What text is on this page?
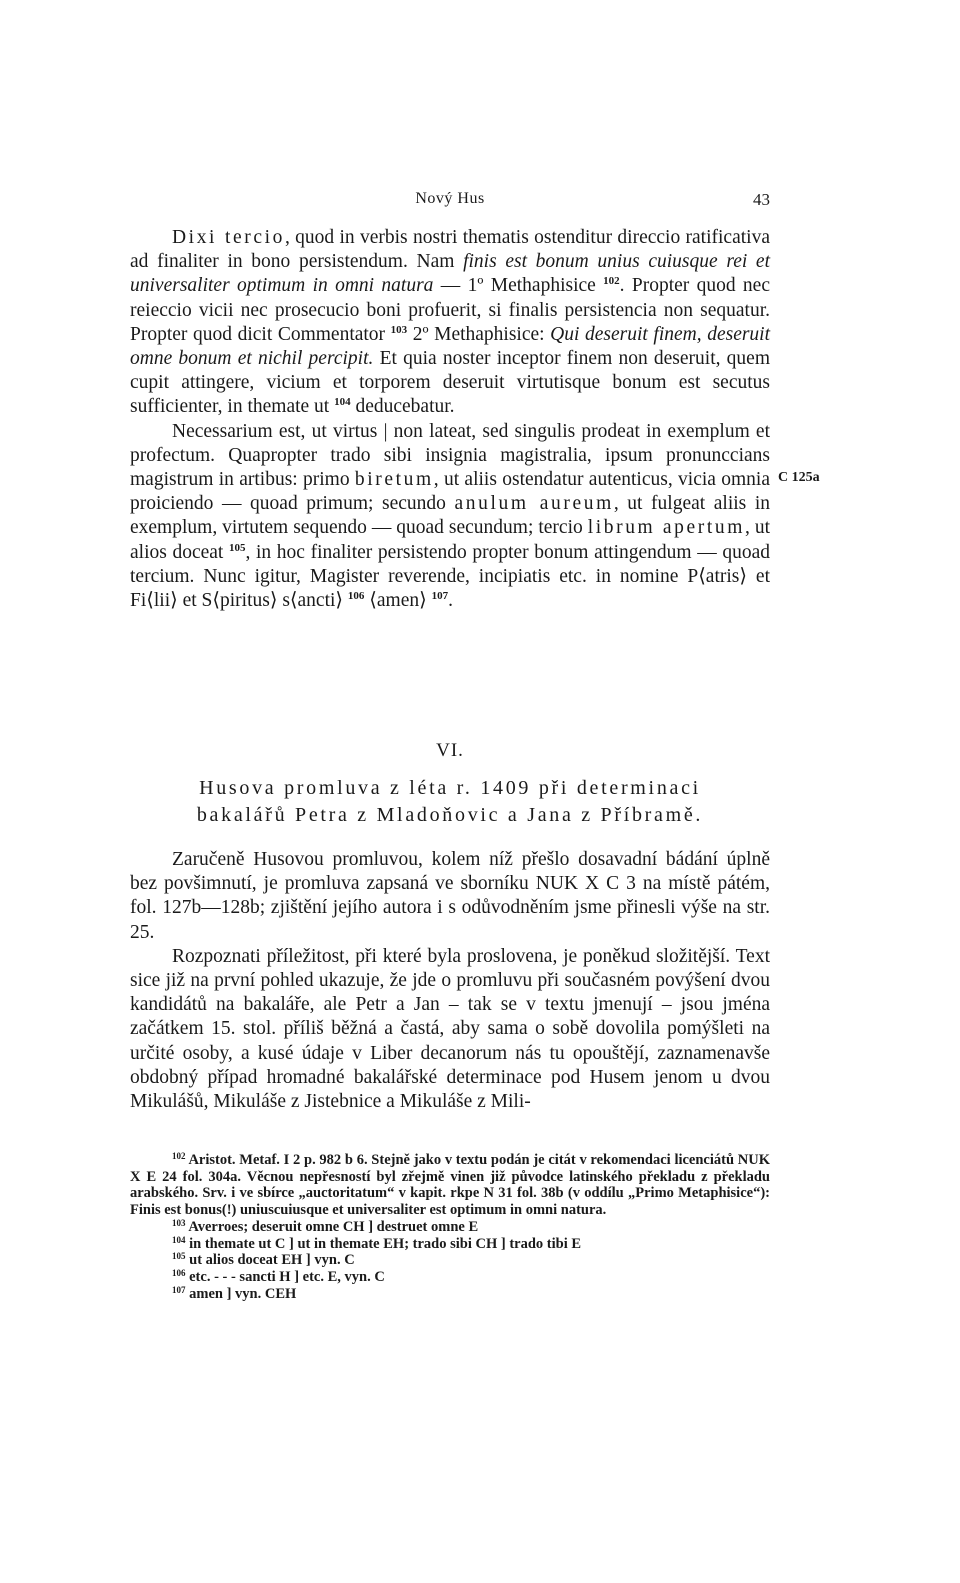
Nový Hus	43

Dixi tercio, quod in verbis nostri thematis ostenditur direccio ratificativa ad finaliter in bono persistendum. Nam finis est bonum unius cuiusque rei et universaliter optimum in omni natura — 1º Methaphisice $^{102}$. Propter quod nec reieccio vicii nec prosecucio boni profuerit, si finalis persistencia non sequatur. Propter quod dicit Commentator $^{103}$ 2º Methaphisice: Qui deseruit finem, deseruit omne bonum et nichil percipit. Et quia noster inceptor finem non deseruit, quem cupit attingere, vicium et torporem deseruit virtutisque bonum est secutus sufficienter, in themate ut $^{104}$ deducebatur.

Necessarium est, ut virtus | non lateat, sed singulis prodeat in exemplum et profectum. Quapropter trado sibi insignia magistralia, ipsum pronunccians magistrum in artibus: primo biretum, ut aliis ostendatur autenticus, vicia omnia proiciendo — quoad primum; secundo anulum aureum, ut fulgeat aliis in exemplum, virtutem sequendo — quoad secundum; tercio librum apertum, ut alios doceat $^{105}$, in hoc finaliter persistendo propter bonum attingendum — quoad tercium. Nunc igitur, Magister reverende, incipiatis etc. in nomine P⟨atris⟩ et Fi⟨lii⟩ et S⟨piritus⟩ s⟨ancti⟩ $^{106}$ ⟨amen⟩ $^{107}$.

C 125a
VI.
Husova promluva z léta r. 1409 při determinaci
bakalářů Petra z Mladoňovic a Jana z Příbramě.

Zaručeně Husovou promluvou, kolem níž přešlo dosavadní bádání úplně bez povšimnutí, je promluva zapsaná ve sborníku NUK X C 3 na místě pátém, fol. 127b—128b; zjištění jejího autora i s odůvodněním jsme přinesli výše na str. 25.

Rozpoznati příležitost, při které byla proslovena, je poněkud složitější. Text sice již na první pohled ukazuje, že jde o promluvu při současném povýšení dvou kandidátů na bakaláře, ale Petr a Jan – tak se v textu jmenují – jsou jména začátkem 15. stol. příliš běžná a častá, aby sama o sobě dovolila pomýšleti na určité osoby, a kusé údaje v Liber decanorum nás tu opouštějí, zaznamenavše obdobný případ hromadné bakalářské determinace pod Husem jenom u dvou Mikulášů, Mikuláše z Jistebnice a Mikuláše z Mili-

$^{102}$ Aristot. Metaf. I 2 p. 982 b 6. Stejně jako v textu podán je citát v rekomendaci licenciátů NUK X E 24 fol. 304a. Věcnou nepřesností byl zřejmě vinen již původce latinského překladu z překladu arabského. Srv. i ve sbírce „auctoritatum“ v kapit. rkpe N 31 fol. 38b (v oddílu „Primo Metaphisice“): Finis est bonus(!) uniuscuiusque et universaliter est optimum in omni natura.

$^{103}$ Averroes; deseruit omne CH ] destruet omne E

$^{104}$ in themate ut C ] ut in themate EH; trado sibi CH ] trado tibi E

$^{105}$ ut alios doceat EH ] vyn. C

$^{106}$ etc. - - - sancti H ] etc. E, vyn. C

$^{107}$ amen ] vyn. CEH
